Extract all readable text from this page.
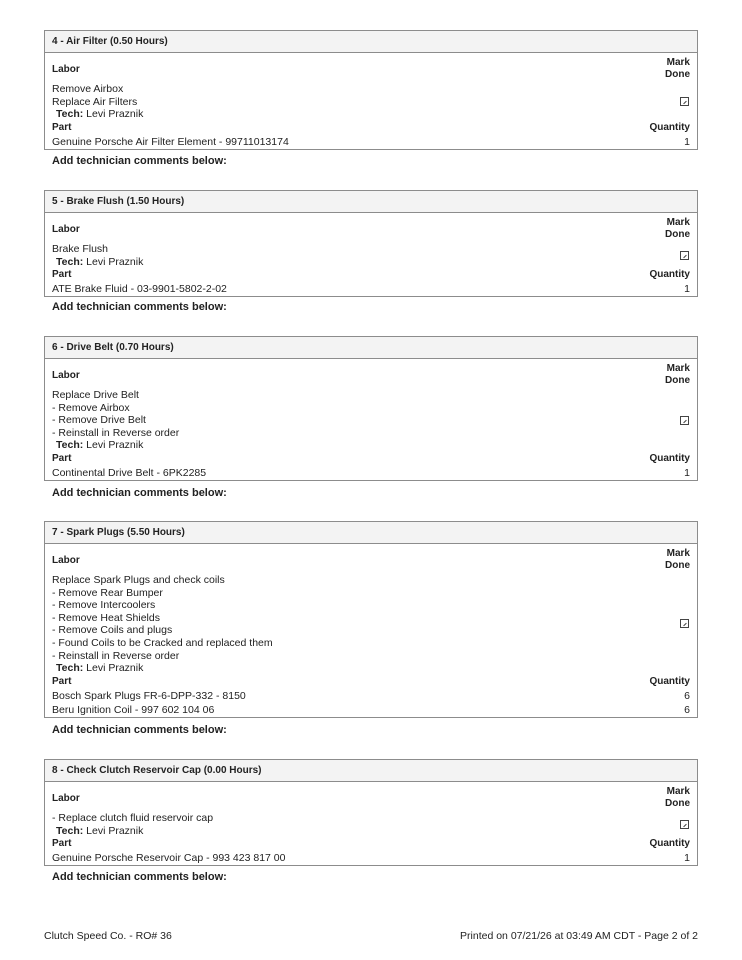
4 - Air Filter (0.50 Hours)
Labor
Mark
Done
Remove Airbox
Replace Air Filters
Tech: Levi Praznik
Part	Quantity
Genuine Porsche Air Filter Element - 99711013174	1
Add technician comments below:
5 - Brake Flush (1.50 Hours)
Labor
Mark
Done
Brake Flush
Tech: Levi Praznik
Part	Quantity
ATE Brake Fluid - 03-9901-5802-2-02	1
Add technician comments below:
6 - Drive Belt (0.70 Hours)
Labor
Mark
Done
Replace Drive Belt
- Remove Airbox
- Remove Drive Belt
- Reinstall in Reverse order
Tech: Levi Praznik
Part	Quantity
Continental Drive Belt - 6PK2285	1
Add technician comments below:
7 - Spark Plugs (5.50 Hours)
Labor
Mark
Done
Replace Spark Plugs and check coils
- Remove Rear Bumper
- Remove Intercoolers
- Remove Heat Shields
- Remove Coils and plugs
- Found Coils to be Cracked and replaced them
- Reinstall in Reverse order
Tech: Levi Praznik
Part	Quantity
Bosch Spark Plugs FR-6-DPP-332 - 8150	6
Beru Ignition Coil - 997 602 104 06	6
Add technician comments below:
8 - Check Clutch Reservoir Cap (0.00 Hours)
Labor
Mark
Done
- Replace clutch fluid reservoir cap
Tech: Levi Praznik
Part	Quantity
Genuine Porsche Reservoir Cap - 993 423 817 00	1
Add technician comments below:
Clutch Speed Co. - RO# 36	Printed on 07/21/26 at 03:49 AM CDT - Page 2 of 2
